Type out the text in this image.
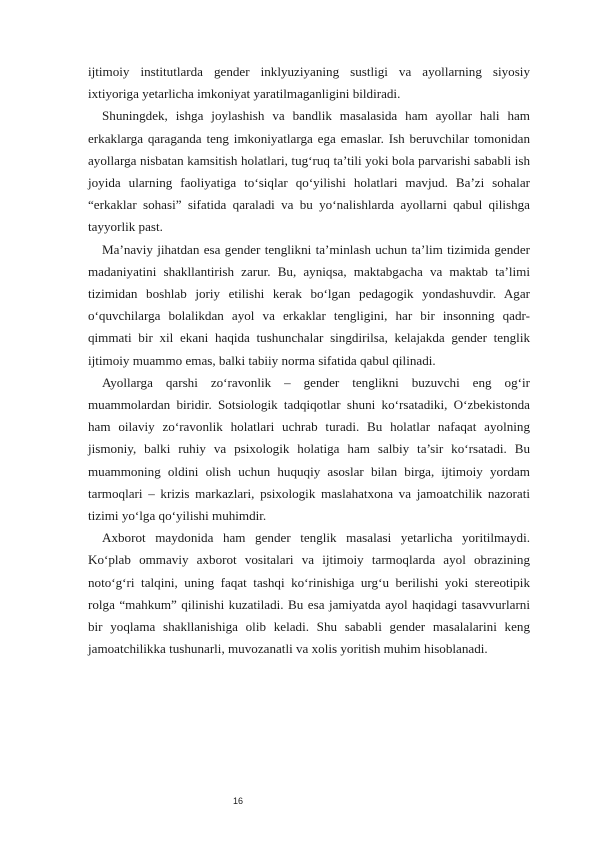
ijtimoiy institutlarda gender inklyuziyaning sustligi va ayollarning siyosiy ixtiyoriga yetarlicha imkoniyat yaratilmaganligini bildiradi.

Shuningdek, ishga joylashish va bandlik masalasida ham ayollar hali ham erkaklarga qaraganda teng imkoniyatlarga ega emaslar. Ish beruvchilar tomonidan ayollarga nisbatan kamsitish holatlari, tug‘ruq ta’tili yoki bola parvarishi sababli ish joyida ularning faoliyatiga to‘siqlar qo‘yilishi holatlari mavjud. Ba’zi sohalar “erkaklar sohasi” sifatida qaraladi va bu yo‘nalishlarda ayollarni qabul qilishga tayyorlik past.

Ma’naviy jihatdan esa gender tenglikni ta’minlash uchun ta’lim tizimida gender madaniyatini shakllantirish zarur. Bu, ayniqsa, maktabgacha va maktab ta’limi tizimidan boshlab joriy etilishi kerak bo‘lgan pedagogik yondashuvdir. Agar o‘quvchilarga bolalikdan ayol va erkaklar tengligini, har bir insonning qadr-qimmati bir xil ekani haqida tushunchalar singdirilsa, kelajakda gender tenglik ijtimoiy muammo emas, balki tabiiy norma sifatida qabul qilinadi.

Ayollarga qarshi zo‘ravonlik – gender tenglikni buzuvchi eng og‘ir muammolardan biridir. Sotsiologik tadqiqotlar shuni ko‘rsatadiki, O‘zbekistonda ham oilaviy zo‘ravonlik holatlari uchrab turadi. Bu holatlar nafaqat ayolning jismoniy, balki ruhiy va psixologik holatiga ham salbiy ta’sir ko‘rsatadi. Bu muammoning oldini olish uchun huquqiy asoslar bilan birga, ijtimoiy yordam tarmoqlari – krizis markazlari, psixologik maslahatxona va jamoatchilik nazorati tizimi yo‘lga qo‘yilishi muhimdir.

Axborot maydonida ham gender tenglik masalasi yetarlicha yoritilmaydi. Ko‘plab ommaviy axborot vositalari va ijtimoiy tarmoqlarda ayol obrazining noto‘g‘ri talqini, uning faqat tashqi ko‘rinishiga urg‘u berilishi yoki stereotipik rolga “mahkum” qilinishi kuzatiladi. Bu esa jamiyatda ayol haqidagi tasavvurlarni bir yoqlama shakllanishiga olib keladi. Shu sababli gender masalalarini keng jamoatchilikka tushunarli, muvozanatli va xolis yoritish muhim hisoblanadi.

16
